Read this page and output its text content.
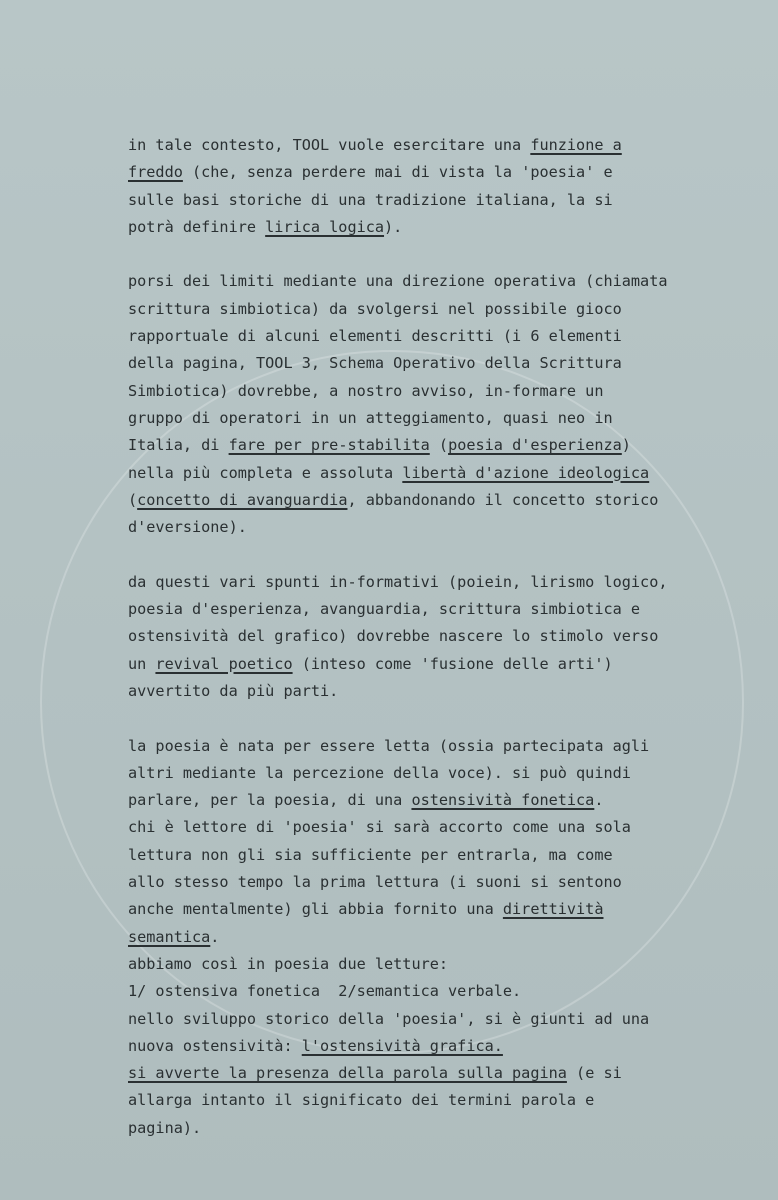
in tale contesto, TOOL vuole esercitare una funzione a
freddo (che, senza perdere mai di vista la 'poesia' e
sulle basi storiche di una tradizione italiana, la si
potrà definire lirica logica).
porsi dei limiti mediante una direzione operativa (chiamata
scrittura simbiotica) da svolgersi nel possibile gioco
rapportuale di alcuni elementi descritti (i 6 elementi
della pagina, TOOL 3, Schema Operativo della Scrittura
Simbiotica) dovrebbe, a nostro avviso, in-formare un
gruppo di operatori in un atteggiamento, quasi neo in
Italia, di fare per pre-stabilita (poesia d'esperienza)
nella più completa e assoluta libertà d'azione ideologica
(concetto di avanguardia, abbandonando il concetto storico
d'eversione).
da questi vari spunti in-formativi (poiein, lirismo logico,
poesia d'esperienza, avanguardia, scrittura simbiotica e
ostensività del grafico) dovrebbe nascere lo stimolo verso
un revival poetico (inteso come 'fusione delle arti')
avvertito da più parti.
la poesia è nata per essere letta (ossia partecipata agli
altri mediante la percezione della voce). si può quindi
parlare, per la poesia, di una ostensività fonetica.
chi è lettore di 'poesia' si sarà accorto come una sola
lettura non gli sia sufficiente per entrarla, ma come
allo stesso tempo la prima lettura (i suoni si sentono
anche mentalmente) gli abbia fornito una direttività
semantica.
abbiamo così in poesia due letture:
1/ ostensiva fonetica  2/semantica verbale.
nello sviluppo storico della 'poesia', si è giunti ad una
nuova ostensività: l'ostensività grafica.
si avverte la presenza della parola sulla pagina (e si
allarga intanto il significato dei termini parola e
pagina).
